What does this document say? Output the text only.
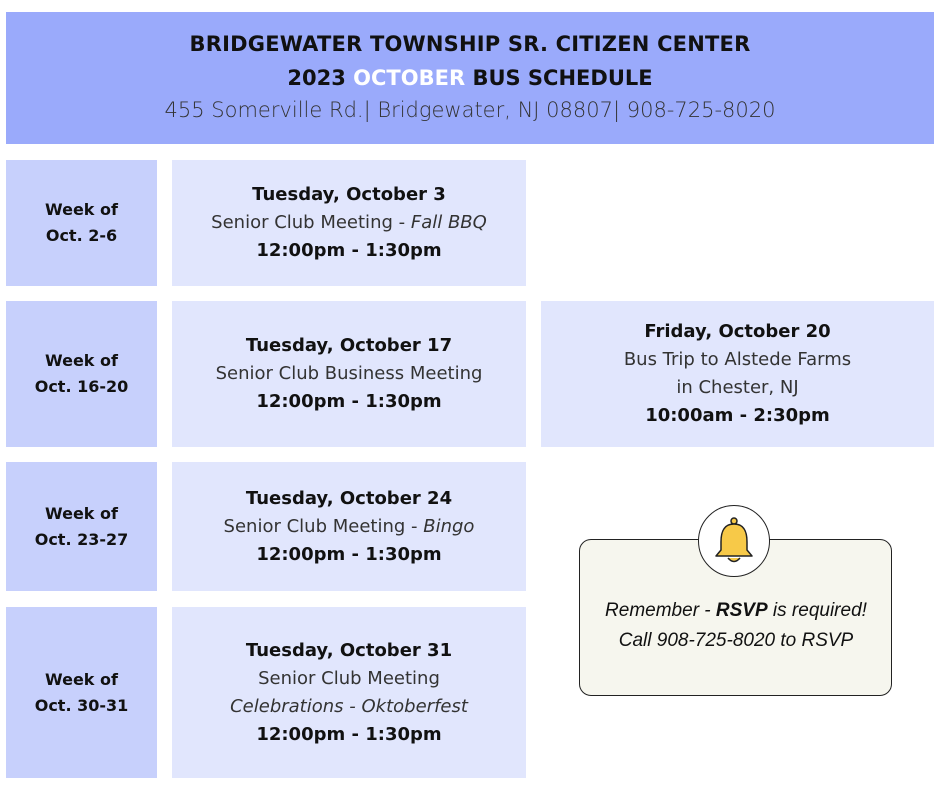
BRIDGEWATER TOWNSHIP SR. CITIZEN CENTER
2023 OCTOBER BUS SCHEDULE
455 Somerville Rd.| Bridgewater, NJ 08807| 908-725-8020
Week of
Oct. 2-6
Week of
Oct. 16-20
Week of
Oct. 23-27
Week of
Oct. 30-31
Tuesday, October 3
Senior Club Meeting - Fall BBQ
12:00pm - 1:30pm
Tuesday, October 17
Senior Club Business Meeting
12:00pm - 1:30pm
Friday, October 20
Bus Trip to Alstede Farms
in Chester, NJ
10:00am - 2:30pm
Tuesday, October 24
Senior Club Meeting - Bingo
12:00pm - 1:30pm
Tuesday, October 31
Senior Club Meeting
Celebrations - Oktoberfest
12:00pm - 1:30pm
Remember - RSVP is required!
Call 908-725-8020 to RSVP
